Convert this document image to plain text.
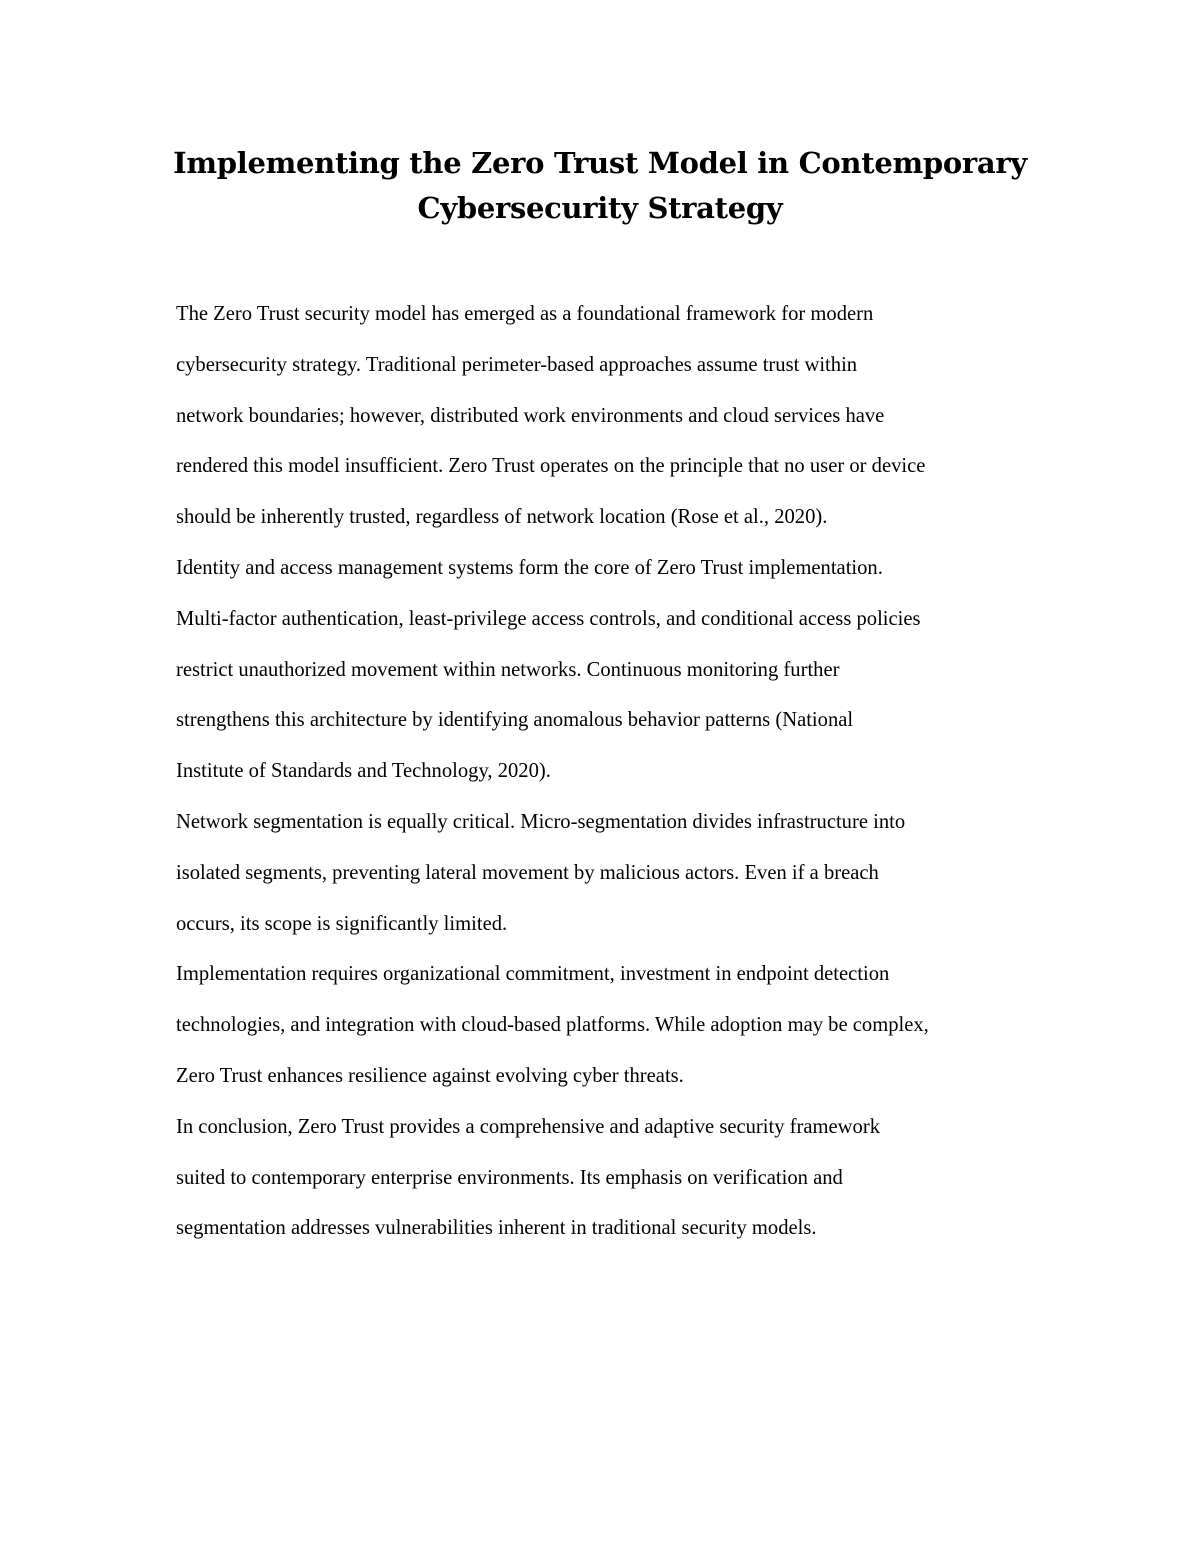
Implementing the Zero Trust Model in Contemporary
Cybersecurity Strategy
The Zero Trust security model has emerged as a foundational framework for modern
cybersecurity strategy. Traditional perimeter-based approaches assume trust within
network boundaries; however, distributed work environments and cloud services have
rendered this model insufficient. Zero Trust operates on the principle that no user or device
should be inherently trusted, regardless of network location (Rose et al., 2020).
Identity and access management systems form the core of Zero Trust implementation.
Multi-factor authentication, least-privilege access controls, and conditional access policies
restrict unauthorized movement within networks. Continuous monitoring further
strengthens this architecture by identifying anomalous behavior patterns (National
Institute of Standards and Technology, 2020).
Network segmentation is equally critical. Micro-segmentation divides infrastructure into
isolated segments, preventing lateral movement by malicious actors. Even if a breach
occurs, its scope is significantly limited.
Implementation requires organizational commitment, investment in endpoint detection
technologies, and integration with cloud-based platforms. While adoption may be complex,
Zero Trust enhances resilience against evolving cyber threats.
In conclusion, Zero Trust provides a comprehensive and adaptive security framework
suited to contemporary enterprise environments. Its emphasis on verification and
segmentation addresses vulnerabilities inherent in traditional security models.
